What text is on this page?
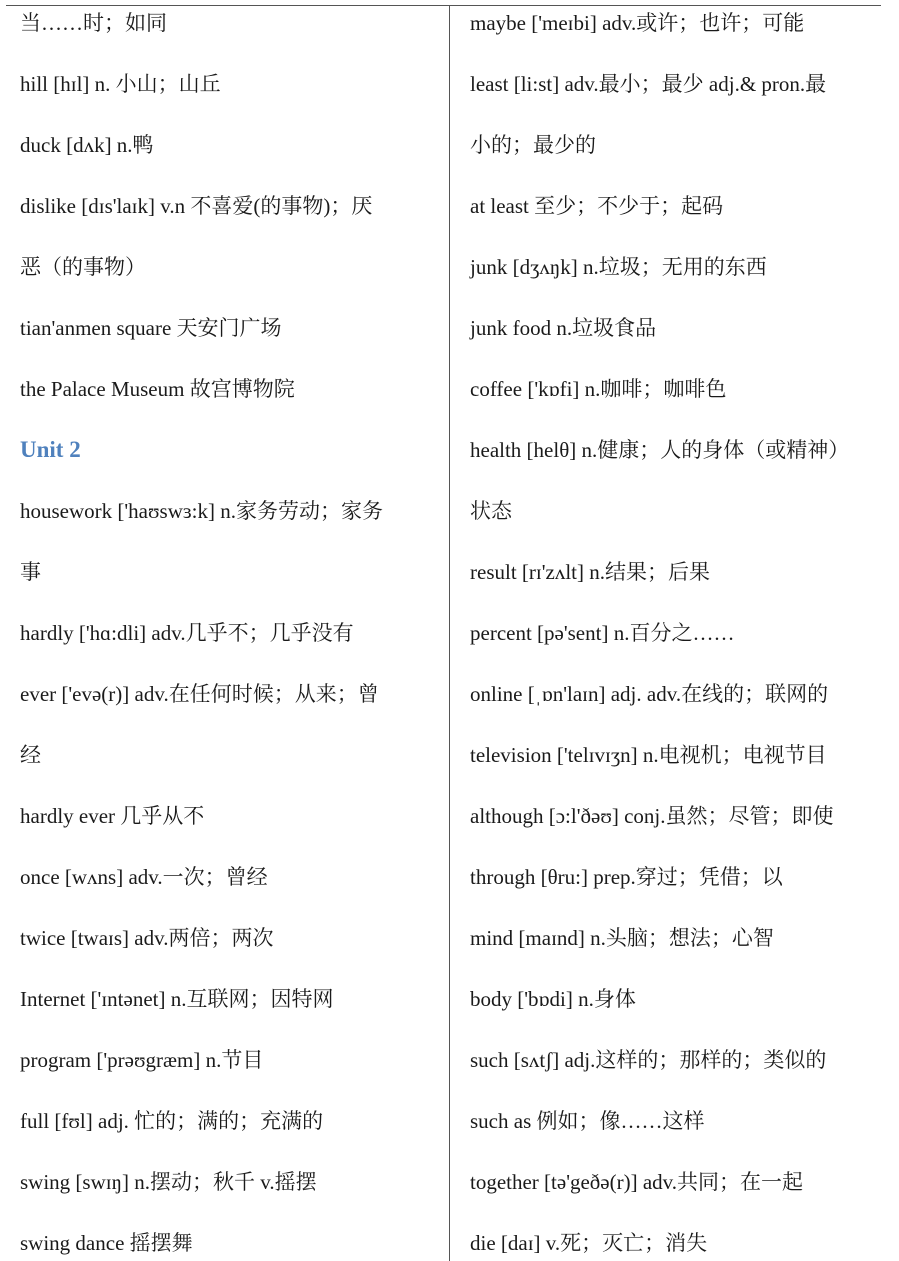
当……时；如同
hill [hɪl] n. 小山；山丘
duck [dʌk] n.鸭
dislike [dɪs'laɪk] v.n 不喜爱(的事物)；厌
恶（的事物）
tian'anmen square 天安门广场
the Palace Museum 故宫博物院
Unit 2
housework ['haʊswɜ:k] n.家务劳动；家务
事
hardly ['hɑ:dli] adv.几乎不；几乎没有
ever ['evə(r)] adv.在任何时候；从来；曾
经
hardly ever 几乎从不
once [wʌns] adv.一次；曾经
twice [twaɪs] adv.两倍；两次
Internet ['ɪntənet] n.互联网；因特网
program ['prəʊgræm] n.节目
full [fʊl] adj. 忙的；满的；充满的
swing [swɪŋ] n.摆动；秋千 v.摇摆
swing dance 摇摆舞
maybe ['meɪbi] adv.或许；也许；可能
least [li:st] adv.最小；最少 adj.& pron.最
小的；最少的
at least 至少；不少于；起码
junk [dʒʌŋk] n.垃圾；无用的东西
junk food n.垃圾食品
coffee ['kɒfi] n.咖啡；咖啡色
health [helθ] n.健康；人的身体（或精神）
状态
result [rɪ'zʌlt] n.结果；后果
percent [pə'sent] n.百分之……
online [ˌɒn'laɪn] adj. adv.在线的；联网的
television ['telɪvɪʒn] n.电视机；电视节目
although [ɔ:l'ðəʊ] conj.虽然；尽管；即使
through [θru:] prep.穿过；凭借；以
mind [maɪnd] n.头脑；想法；心智
body ['bɒdi] n.身体
such [sʌtʃ] adj.这样的；那样的；类似的
such as 例如；像……这样
together [tə'geðə(r)] adv.共同；在一起
die [daɪ] v.死；灭亡；消失
